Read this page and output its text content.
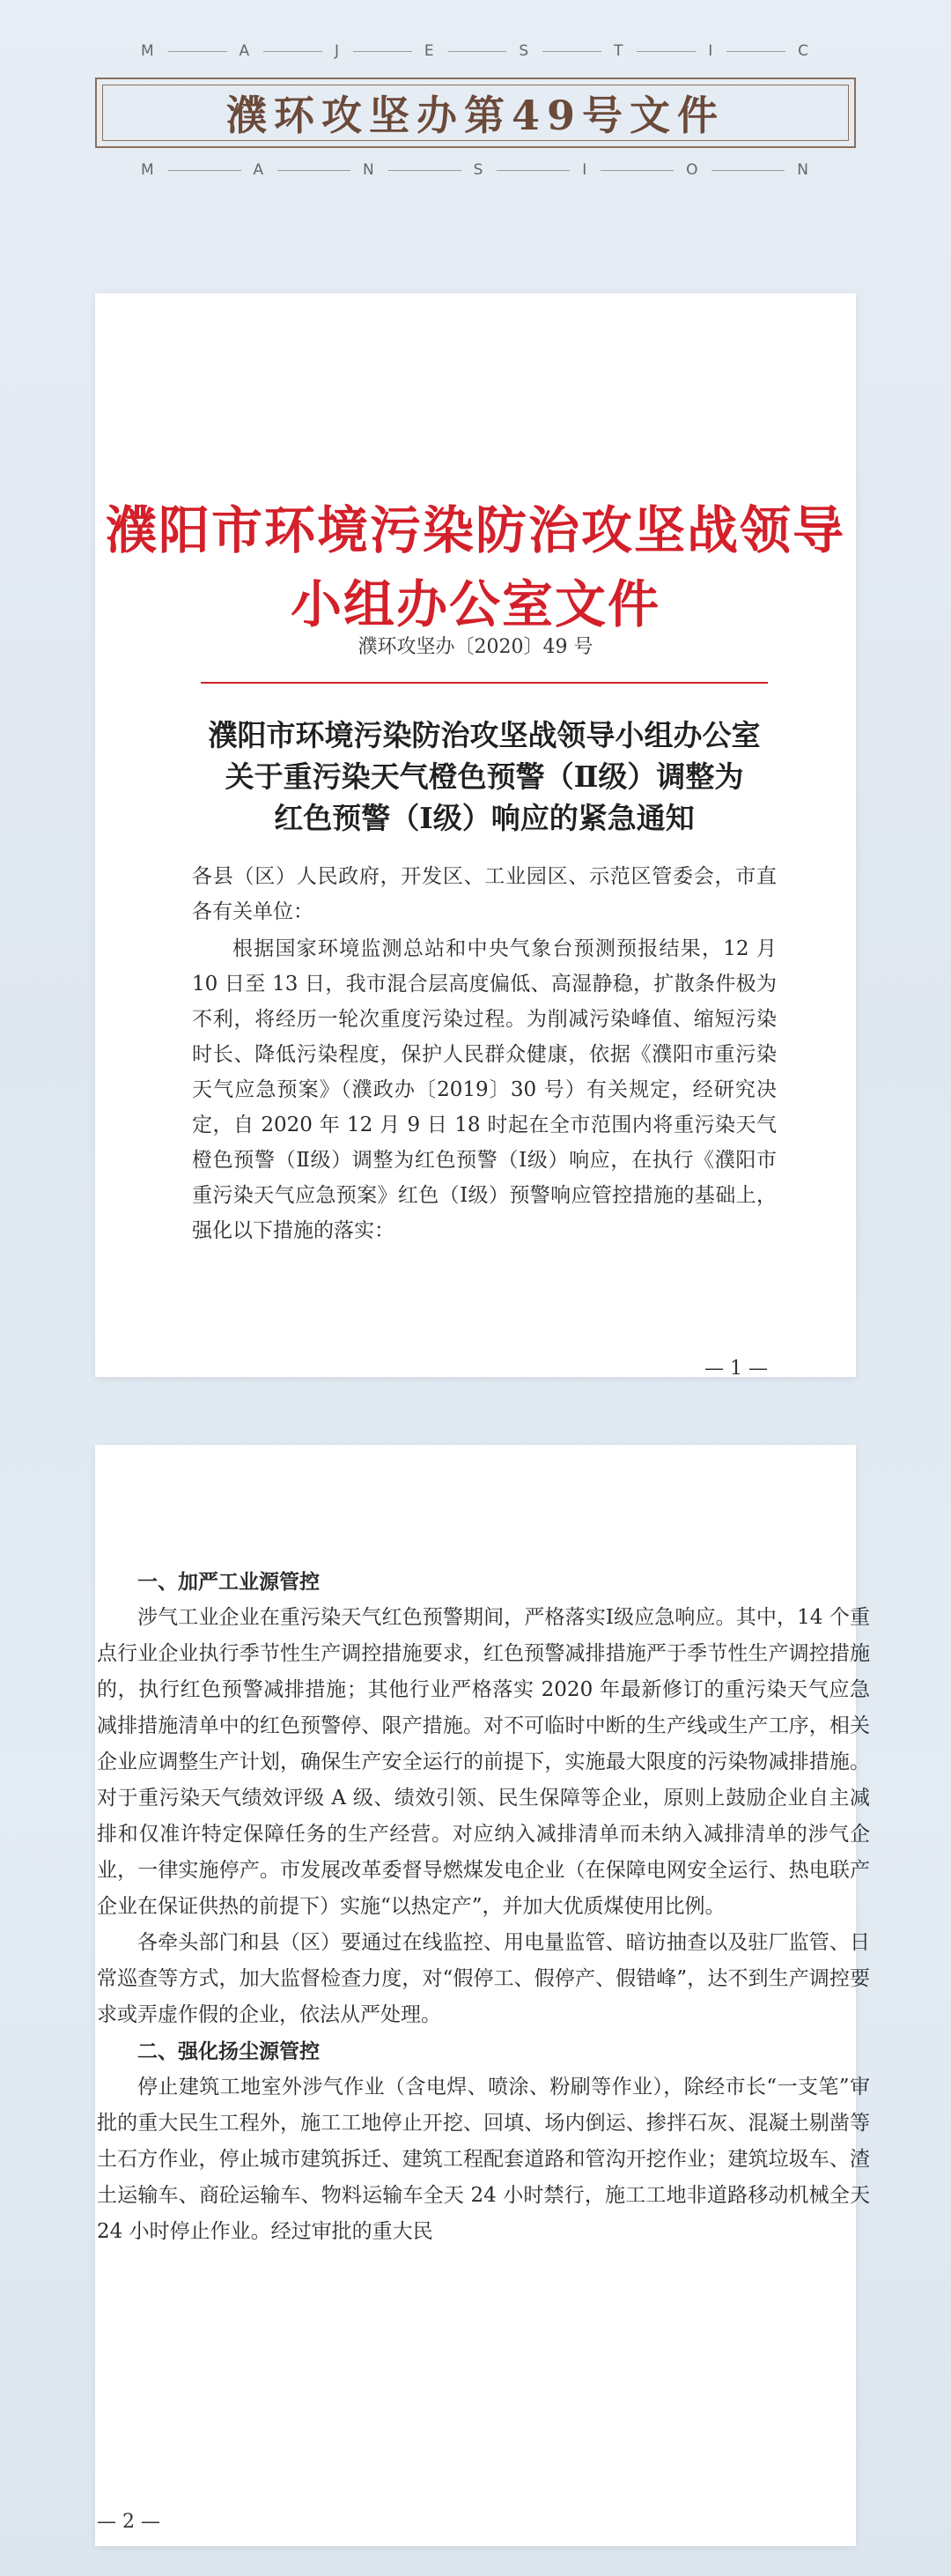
M	A	J	E	S	T	I	C
濮环攻坚办第49号文件
M	A	N	S	I	O	N
濮阳市环境污染防治攻坚战领导小组办公室文件
濮环攻坚办〔2020〕49 号
濮阳市环境污染防治攻坚战领导小组办公室
关于重污染天气橙色预警（Ⅱ级）调整为
红色预警（Ⅰ级）响应的紧急通知
各县（区）人民政府，开发区、工业园区、示范区管委会，市直各有关单位：
根据国家环境监测总站和中央气象台预测预报结果，12 月 10 日至 13 日，我市混合层高度偏低、高湿静稳，扩散条件极为不利，将经历一轮次重度污染过程。为削减污染峰值、缩短污染时长、降低污染程度，保护人民群众健康，依据《濮阳市重污染天气应急预案》（濮政办〔2019〕30 号）有关规定，经研究决定，自 2020 年 12 月 9 日 18 时起在全市范围内将重污染天气橙色预警（Ⅱ级）调整为红色预警（Ⅰ级）响应，在执行《濮阳市重污染天气应急预案》红色（Ⅰ级）预警响应管控措施的基础上，强化以下措施的落实：
— 1 —

一、加严工业源管控

涉气工业企业在重污染天气红色预警期间，严格落实Ⅰ级应急响应。其中，14 个重点行业企业执行季节性生产调控措施要求，红色预警减排措施严于季节性生产调控措施的，执行红色预警减排措施；其他行业严格落实 2020 年最新修订的重污染天气应急减排措施清单中的红色预警停、限产措施。对不可临时中断的生产线或生产工序，相关企业应调整生产计划，确保生产安全运行的前提下，实施最大限度的污染物减排措施。对于重污染天气绩效评级 A 级、绩效引领、民生保障等企业，原则上鼓励企业自主减排和仅准许特定保障任务的生产经营。对应纳入减排清单而未纳入减排清单的涉气企业，一律实施停产。市发展改革委督导燃煤发电企业（在保障电网安全运行、热电联产企业在保证供热的前提下）实施“以热定产”，并加大优质煤使用比例。

各牵头部门和县（区）要通过在线监控、用电量监管、暗访抽查以及驻厂监管、日常巡查等方式，加大监督检查力度，对“假停工、假停产、假错峰”，达不到生产调控要求或弄虚作假的企业，依法从严处理。

二、强化扬尘源管控

停止建筑工地室外涉气作业（含电焊、喷涂、粉刷等作业），除经市长“一支笔”审批的重大民生工程外，施工工地停止开挖、回填、场内倒运、掺拌石灰、混凝土剔凿等土石方作业，停止城市建筑拆迁、建筑工程配套道路和管沟开挖作业；建筑垃圾车、渣土运输车、商砼运输车、物料运输车全天 24 小时禁行，施工工地非道路移动机械全天 24 小时停止作业。经过审批的重大民

— 2 —
